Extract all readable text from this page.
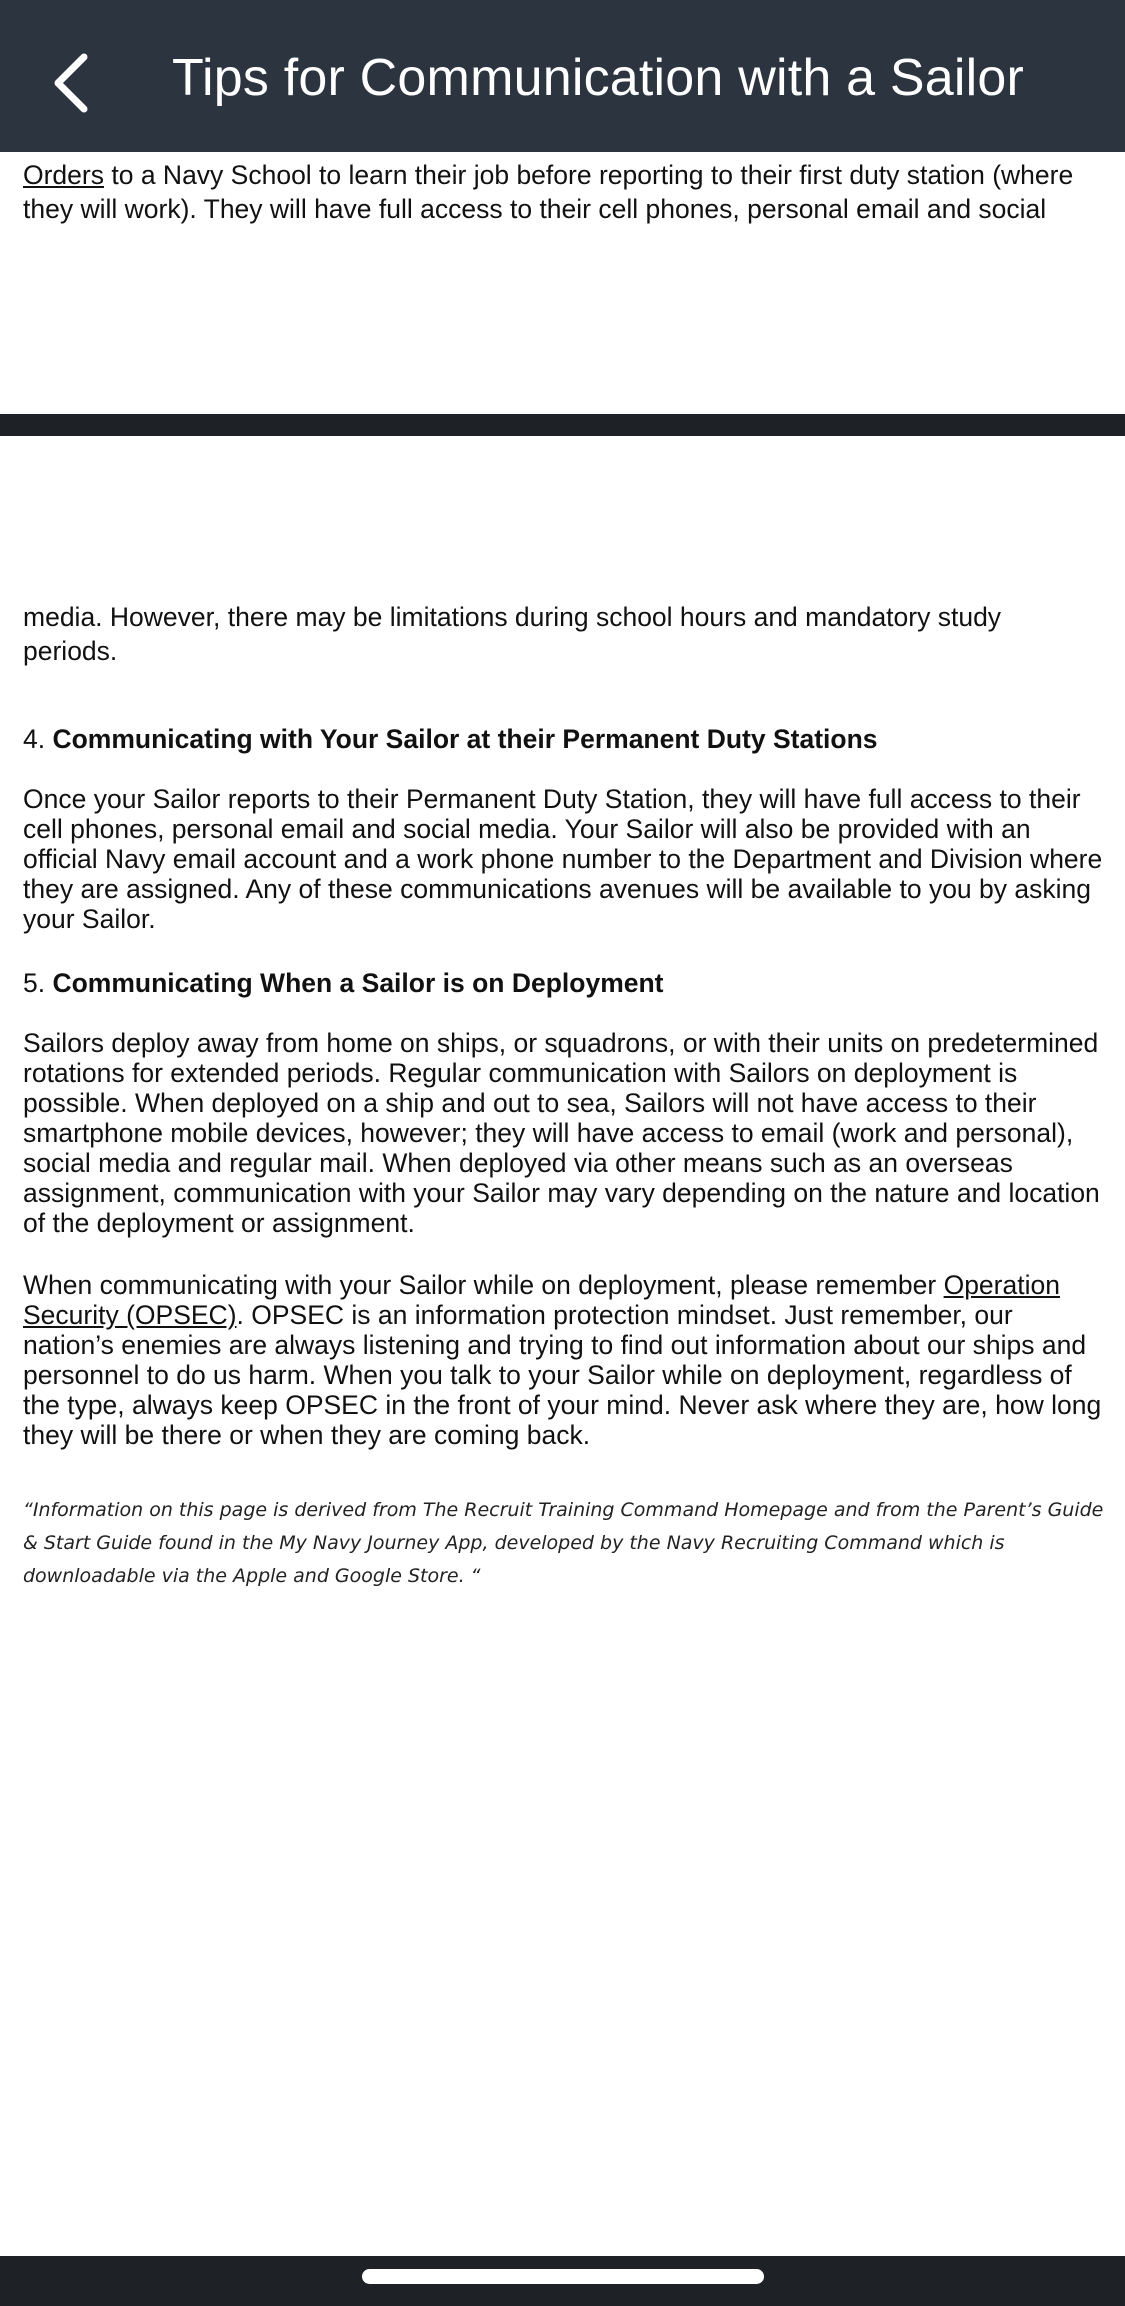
Tips for Communication with a Sailor
Orders to a Navy School to learn their job before reporting to their first duty station (where
they will work). They will have full access to their cell phones, personal email and social
media. However, there may be limitations during school hours and mandatory study
periods.
4. Communicating with Your Sailor at their Permanent Duty Stations
Once your Sailor reports to their Permanent Duty Station, they will have full access to their cell phones, personal email and social media. Your Sailor will also be provided with an official Navy email account and a work phone number to the Department and Division where they are assigned. Any of these communications avenues will be available to you by asking your Sailor.
5. Communicating When a Sailor is on Deployment
Sailors deploy away from home on ships, or squadrons, or with their units on predetermined rotations for extended periods. Regular communication with Sailors on deployment is possible. When deployed on a ship and out to sea, Sailors will not have access to their smartphone mobile devices, however; they will have access to email (work and personal), social media and regular mail. When deployed via other means such as an overseas assignment, communication with your Sailor may vary depending on the nature and location of the deployment or assignment.
When communicating with your Sailor while on deployment, please remember Operation Security (OPSEC). OPSEC is an information protection mindset. Just remember, our nation’s enemies are always listening and trying to find out information about our ships and personnel to do us harm. When you talk to your Sailor while on deployment, regardless of the type, always keep OPSEC in the front of your mind. Never ask where they are, how long they will be there or when they are coming back.
“Information on this page is derived from The Recruit Training Command Homepage and from the Parent’s Guide & Start Guide found in the My Navy Journey App, developed by the Navy Recruiting Command which is downloadable via the Apple and Google Store. “
